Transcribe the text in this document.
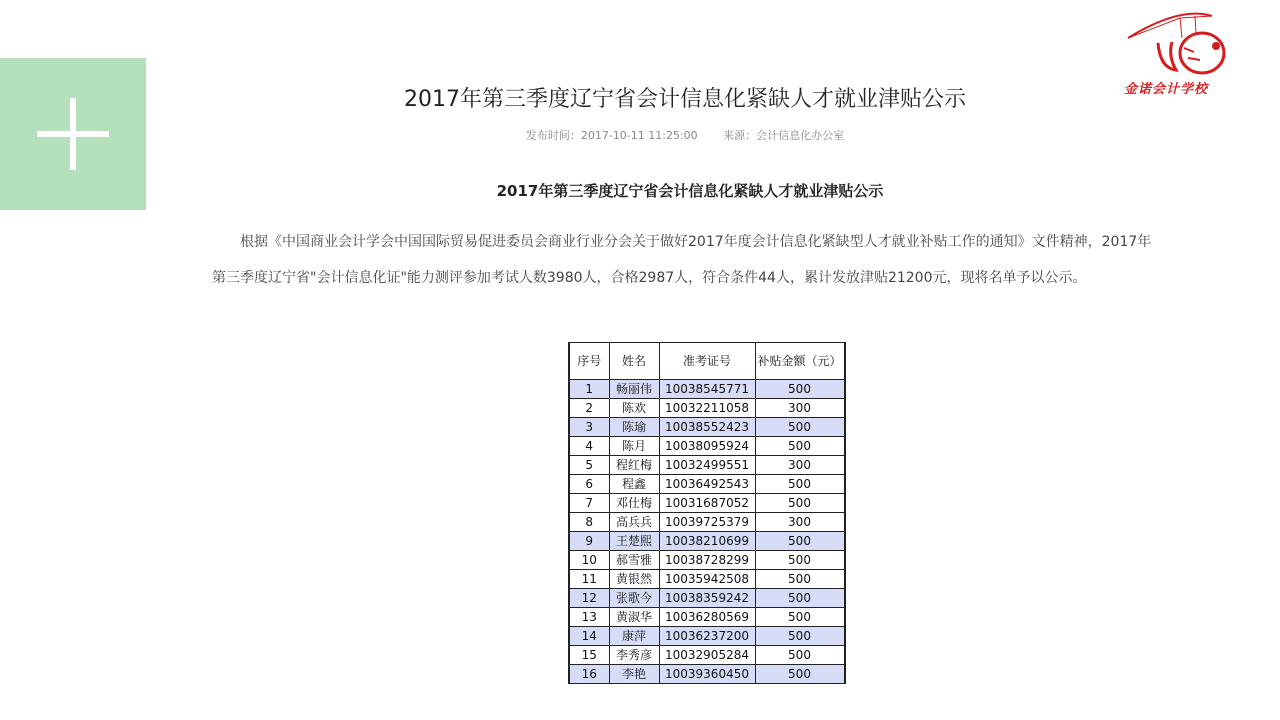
金诺会计学校
2017年第三季度辽宁省会计信息化紧缺人才就业津贴公示
发布时间：2017-10-11 11:25:00 来源：会计信息化办公室
2017年第三季度辽宁省会计信息化紧缺人才就业津贴公示

根据《中国商业会计学会中国国际贸易促进委员会商业行业分会关于做好2017年度会计信息化紧缺型人才就业补贴工作的通知》文件精神，2017年第三季度辽宁省"会计信息化证"能力测评参加考试人数3980人，合格2987人，符合条件44人，累计发放津贴21200元，现将名单予以公示。

序号	姓名	准考证号	补贴金额（元）
1	畅丽伟	10038545771	500
2	陈欢	10032211058	300
3	陈瑜	10038552423	500
4	陈月	10038095924	500
5	程红梅	10032499551	300
6	程鑫	10036492543	500
7	邓仕梅	10031687052	500
8	高兵兵	10039725379	300
9	王楚熙	10038210699	500
10	郝雪雅	10038728299	500
11	黄银然	10035942508	500
12	张歌今	10038359242	500
13	黄淑华	10036280569	500
14	康萍	10036237200	500
15	李秀彦	10032905284	500
16	李艳	10039360450	500
